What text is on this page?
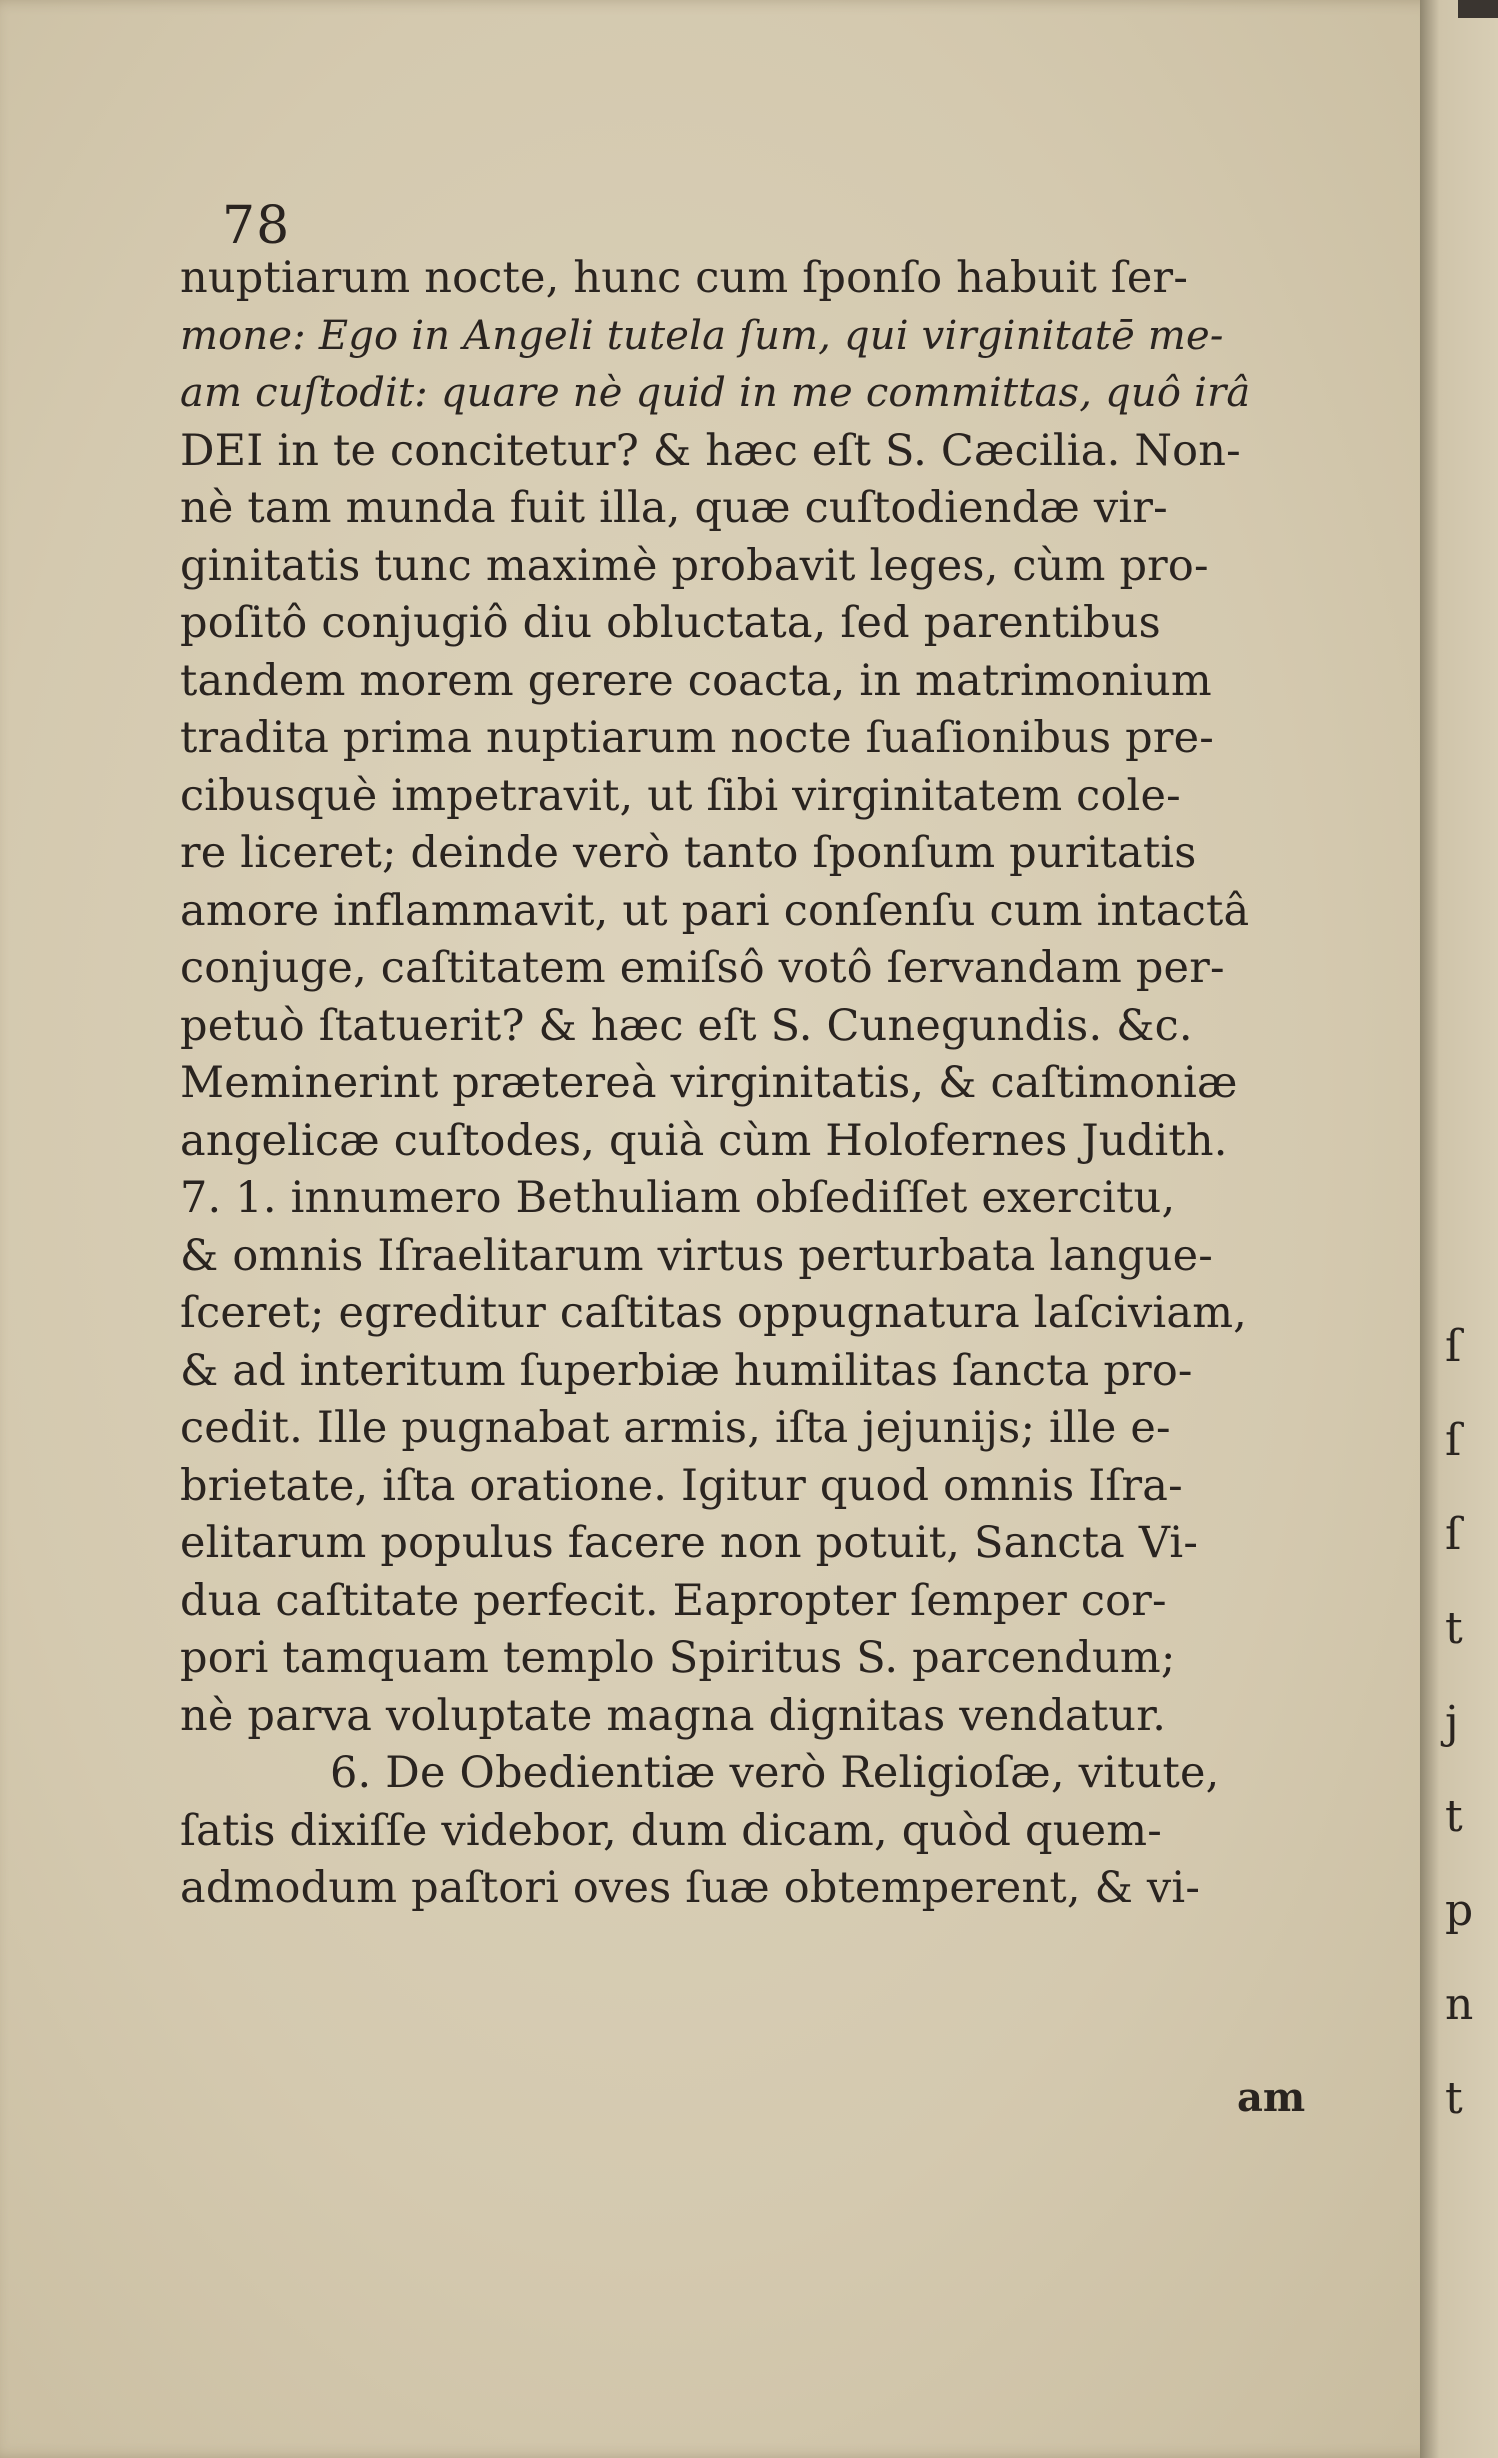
78
nuptiarum nocte, hunc cum ſponſo habuit ſer-
mone: Ego in Angeli tutela ſum, qui virginitatē me-
am cuſtodit: quare nè quid in me committas, quô irâ
DEI in te concitetur? & hæc eſt S. Cæcilia. Non-
nè tam munda fuit illa, quæ cuſtodiendæ vir-
ginitatis tunc maximè probavit leges, cùm pro-
poſitô conjugiô diu obluctata, ſed parentibus
tandem morem gerere coacta, in matrimonium
tradita prima nuptiarum nocte ſuaſionibus pre-
cibusquè impetravit, ut ſibi virginitatem cole-
re liceret; deinde verò tanto ſponſum puritatis
amore inflammavit, ut pari conſenſu cum intactâ
conjuge, caſtitatem emiſsô votô ſervandam per-
petuò ſtatuerit? & hæc eſt S. Cunegundis. &c.
Meminerint prætereà virginitatis, & caſtimoniæ
angelicæ cuſtodes, quià cùm Holofernes Judith.
7. 1. innumero Bethuliam obſediſſet exercitu,
& omnis Iſraelitarum virtus perturbata langue-
ſceret; egreditur caſtitas oppugnatura laſciviam,
& ad interitum ſuperbiæ humilitas ſancta pro-
cedit. Ille pugnabat armis, iſta jejunijs; ille e-
brietate, iſta oratione. Igitur quod omnis Iſra-
elitarum populus facere non potuit, Sancta Vi-
dua caſtitate perfecit. Eapropter ſemper cor-
pori tamquam templo Spiritus S. parcendum;
nè parva voluptate magna dignitas vendatur.
6. De Obedientiæ verò Religioſæ, vitute,
ſatis dixiſſe videbor, dum dicam, quòd quem-
admodum paſtori oves ſuæ obtemperent, & vi-
am
ſ
ſ
ſ
t
j
t
p
n
t
